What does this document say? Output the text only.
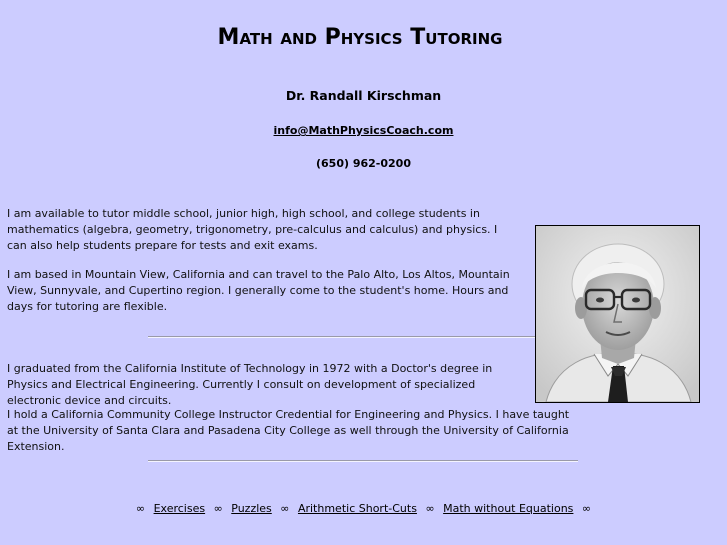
Math and Physics Tutoring
Dr. Randall Kirschman
info@MathPhysicsCoach.com
(650) 962-0200
I am available to tutor middle school, junior high, high school, and college students in mathematics (algebra, geometry, trigonometry, pre-calculus and calculus) and physics. I can also help students prepare for tests and exit exams.
I am based in Mountain View, California and can travel to the Palo Alto, Los Altos, Mountain View, Sunnyvale, and Cupertino region. I generally come to the student's home. Hours and days for tutoring are flexible.
I graduated from the California Institute of Technology in 1972 with a Doctor's degree in Physics and Electrical Engineering. Currently I consult on development of specialized electronic device and circuits.
I hold a California Community College Instructor Credential for Engineering and Physics. I have taught at the University of Santa Clara and Pasadena City College as well through the University of California Extension.
∞ Exercises ∞ Puzzles ∞ Arithmetic Short-Cuts ∞ Math without Equations ∞
